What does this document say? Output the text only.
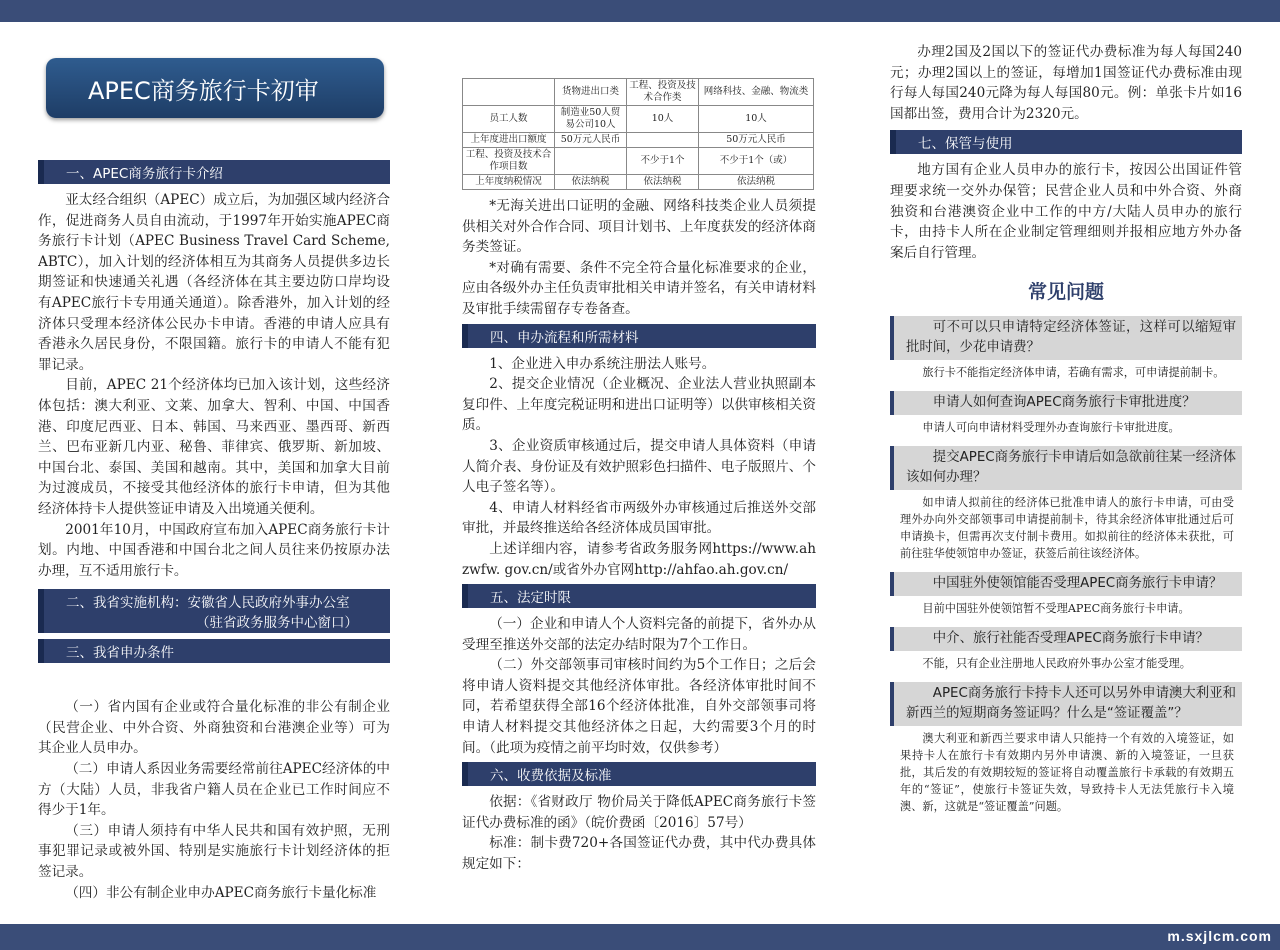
APEC商务旅行卡初审
一、APEC商务旅行卡介绍

亚太经合组织（APEC）成立后，为加强区域内经济合作，促进商务人员自由流动，于1997年开始实施APEC商务旅行卡计划（APEC Business Travel Card Scheme, ABTC），加入计划的经济体相互为其商务人员提供多边长期签证和快速通关礼遇（各经济体在其主要边防口岸均设有APEC旅行卡专用通关通道）。除香港外，加入计划的经济体只受理本经济体公民办卡申请。香港的申请人应具有香港永久居民身份，不限国籍。旅行卡的申请人不能有犯罪记录。

目前，APEC 21个经济体均已加入该计划，这些经济体包括：澳大利亚、文莱、加拿大、智利、中国、中国香港、印度尼西亚、日本、韩国、马来西亚、墨西哥、新西兰、巴布亚新几内亚、秘鲁、菲律宾、俄罗斯、新加坡、中国台北、泰国、美国和越南。其中，美国和加拿大目前为过渡成员，不接受其他经济体的旅行卡申请，但为其他经济体持卡人提供签证申请及入出境通关便利。

2001年10月，中国政府宣布加入APEC商务旅行卡计划。内地、中国香港和中国台北之间人员往来仍按原办法办理，互不适用旅行卡。

二、我省实施机构：安徽省人民政府外事办公室
（驻省政务服务中心窗口）
三、我省申办条件

（一）省内国有企业或符合量化标准的非公有制企业（民营企业、中外合资、外商独资和台港澳企业等）可为其企业人员申办。

（二）申请人系因业务需要经常前往APEC经济体的中方（大陆）人员，非我省户籍人员在企业已工作时间应不得少于1年。

（三）申请人须持有中华人民共和国有效护照，无刑事犯罪记录或被外国、特别是实施旅行卡计划经济体的拒签记录。

（四）非公有制企业申办APEC商务旅行卡量化标准

	货物进出口类	工程、投资及技术合作类	网络科技、金融、物流类
员工人数	制造业50人贸易公司10人	10人	10人
上年度进出口额度	50万元人民币		50万元人民币
工程、投资及技术合作项目数		不少于1个	不少于1个（或）
上年度纳税情况	依法纳税	依法纳税	依法纳税

*无海关进出口证明的金融、网络科技类企业人员须提供相关对外合作合同、项目计划书、上年度获发的经济体商务类签证。

*对确有需要、条件不完全符合量化标准要求的企业，应由各级外办主任负责审批相关申请并签名，有关申请材料及审批手续需留存专卷备查。

四、申办流程和所需材料

1、企业进入申办系统注册法人账号。

2、提交企业情况（企业概况、企业法人营业执照副本复印件、上年度完税证明和进出口证明等）以供审核相关资质。

3、企业资质审核通过后，提交申请人具体资料（申请人简介表、身份证及有效护照彩色扫描件、电子版照片、个人电子签名等）。

4、申请人材料经省市两级外办审核通过后推送外交部审批，并最终推送给各经济体成员国审批。

上述详细内容，请参考省政务服务网https://www.ahzwfw. gov.cn/或省外办官网http://ahfao.ah.gov.cn/

五、法定时限

（一）企业和申请人个人资料完备的前提下，省外办从受理至推送外交部的法定办结时限为7个工作日。

（二）外交部领事司审核时间约为5个工作日；之后会将申请人资料提交其他经济体审批。各经济体审批时间不同，若希望获得全部16个经济体批准，自外交部领事司将申请人材料提交其他经济体之日起，大约需要3个月的时间。（此项为疫情之前平均时效，仅供参考）

六、收费依据及标准

依据：《省财政厅 物价局关于降低APEC商务旅行卡签证代办费标准的函》（皖价费函〔2016〕57号）

标准：制卡费720+各国签证代办费，其中代办费具体规定如下：

办理2国及2国以下的签证代办费标准为每人每国240元；办理2国以上的签证，每增加1国签证代办费标准由现行每人每国240元降为每人每国80元。例：单张卡片如16国都出签，费用合计为2320元。

七、保管与使用

地方国有企业人员申办的旅行卡，按因公出国证件管理要求统一交外办保管；民营企业人员和中外合资、外商独资和台港澳资企业中工作的中方/大陆人员申办的旅行卡，由持卡人所在企业制定管理细则并报相应地方外办备案后自行管理。

常见问题
可不可以只申请特定经济体签证，这样可以缩短审批时间，少花申请费？
旅行卡不能指定经济体申请，若确有需求，可申请提前制卡。
申请人如何查询APEC商务旅行卡审批进度？
申请人可向申请材料受理外办查询旅行卡审批进度。
提交APEC商务旅行卡申请后如急欲前往某一经济体该如何办理？
如申请人拟前往的经济体已批准申请人的旅行卡申请，可由受理外办向外交部领事司申请提前制卡，待其余经济体审批通过后可申请换卡，但需再次支付制卡费用。如拟前往的经济体未获批，可前往驻华使领馆申办签证，获签后前往该经济体。
中国驻外使领馆能否受理APEC商务旅行卡申请？
目前中国驻外使领馆暂不受理APEC商务旅行卡申请。
中介、旅行社能否受理APEC商务旅行卡申请？
不能，只有企业注册地人民政府外事办公室才能受理。
APEC商务旅行卡持卡人还可以另外申请澳大利亚和新西兰的短期商务签证吗？什么是“签证覆盖”？
澳大利亚和新西兰要求申请人只能持一个有效的入境签证，如果持卡人在旅行卡有效期内另外申请澳、新的入境签证，一旦获批，其后发的有效期较短的签证将自动覆盖旅行卡承载的有效期五年的“签证”，使旅行卡签证失效，导致持卡人无法凭旅行卡入境澳、新，这就是“签证覆盖”问题。
m.sxjlcm.com
